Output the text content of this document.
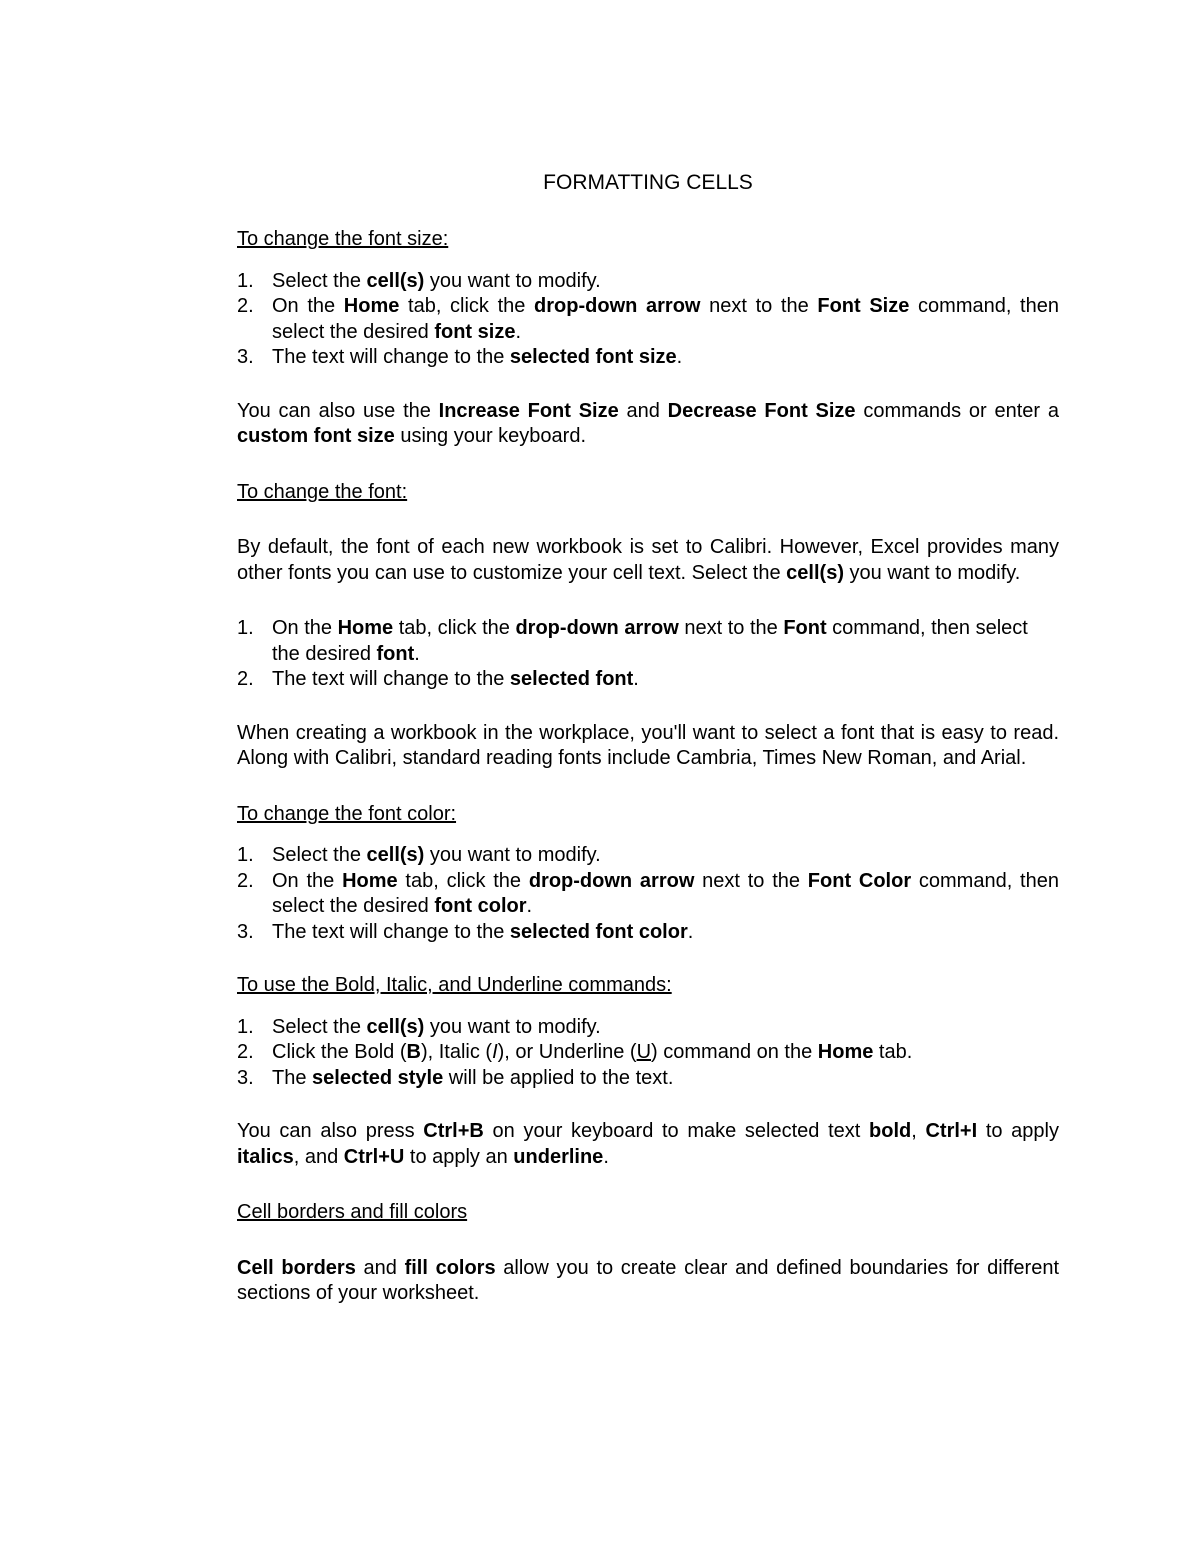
FORMATTING CELLS

To change the font size:

1. Select the cell(s) you want to modify.
2. On the Home tab, click the drop-down arrow next to the Font Size command, then select the desired font size.
3. The text will change to the selected font size.

You can also use the Increase Font Size and Decrease Font Size commands or enter a custom font size using your keyboard.

To change the font:

By default, the font of each new workbook is set to Calibri. However, Excel provides many other fonts you can use to customize your cell text. Select the cell(s) you want to modify.

1. On the Home tab, click the drop-down arrow next to the Font command, then select the desired font.
2. The text will change to the selected font.

When creating a workbook in the workplace, you'll want to select a font that is easy to read. Along with Calibri, standard reading fonts include Cambria, Times New Roman, and Arial.

To change the font color:

1. Select the cell(s) you want to modify.
2. On the Home tab, click the drop-down arrow next to the Font Color command, then select the desired font color.
3. The text will change to the selected font color.

To use the Bold, Italic, and Underline commands:

1. Select the cell(s) you want to modify.
2. Click the Bold (B), Italic (I), or Underline (U) command on the Home tab.
3. The selected style will be applied to the text.

You can also press Ctrl+B on your keyboard to make selected text bold, Ctrl+I to apply italics, and Ctrl+U to apply an underline.

Cell borders and fill colors

Cell borders and fill colors allow you to create clear and defined boundaries for different sections of your worksheet.
